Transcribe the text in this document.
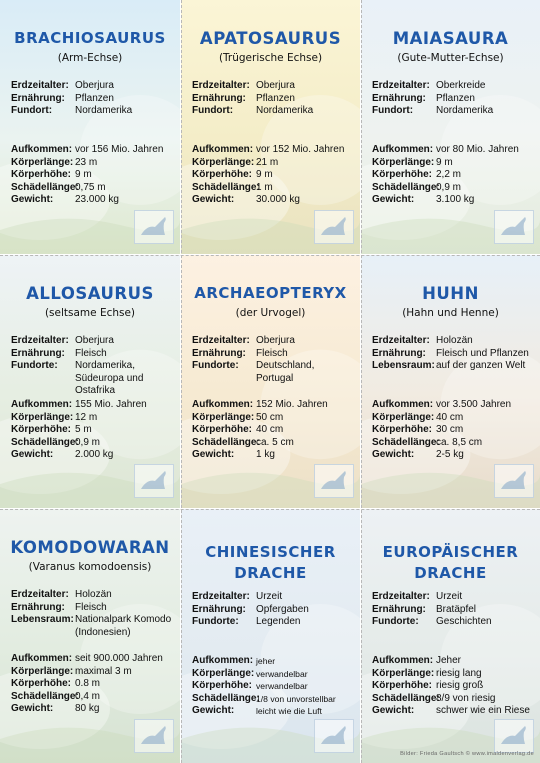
BRACHIOSAURUS
(Arm-Echse)
Erdzeitalter: Oberjura
Ernährung:	Pflanzen
Fundort:	Nordamerika
Aufkommen: vor 156 Mio. Jahren
Körperlänge: 23 m
Körperhöhe: 9 m
Schädellänge:
0,75 m
Gewicht:	23.000 kg
APATOSAURUS
(Trügerische Echse)
Erdzeitalter: Oberjura
Ernährung:	Pflanzen
Fundort:	Nordamerika
Aufkommen: vor 152 Mio. Jahren
Körperlänge: 21 m
Körperhöhe: 9 m
Schädellänge:
1 m
Gewicht:	30.000 kg
MAIASAURA
(Gute-Mutter-Echse)
Erdzeitalter: Oberkreide
Ernährung:	Pflanzen
Fundort:	Nordamerika
Aufkommen: vor 80 Mio. Jahren
Körperlänge: 9 m
Körperhöhe: 2,2 m
Schädellänge:
0,9 m
Gewicht:	3.100 kg
ALLOSAURUS
(seltsame Echse)
Erdzeitalter: Oberjura
Ernährung:	Fleisch
Fundorte:	Nordamerika, Südeuropa und Ostafrika
Aufkommen: 155 Mio. Jahren
Körperlänge: 12 m
Körperhöhe: 5 m
Schädellänge:
0,9 m
Gewicht:	2.000 kg
ARCHAEOPTERYX
(der Urvogel)
Erdzeitalter: Oberjura
Ernährung:	Fleisch
Fundorte:	Deutschland, Portugal
Aufkommen: 152 Mio. Jahren
Körperlänge: 50 cm
Körperhöhe: 40 cm
Schädellänge:
ca. 5 cm
Gewicht:	1 kg
HUHN
(Hahn und Henne)
Erdzeitalter: Holozän
Ernährung:	Fleisch und Pflanzen
Lebensraum: auf der ganzen Welt
Aufkommen: vor 3.500 Jahren
Körperlänge: 40 cm
Körperhöhe: 30 cm
Schädellänge:
ca. 8,5 cm
Gewicht:	2-5 kg
KOMODOWARAN
(Varanus komodoensis)
Erdzeitalter: Holozän
Ernährung:	Fleisch
Lebensraum: Nationalpark Komodo (Indonesien)
Aufkommen: seit 900.000 Jahren
Körperlänge: maximal 3 m
Körperhöhe: 0.8 m
Schädellänge:
0,4 m
Gewicht:	80 kg
CHINESISCHER
DRACHE
Erdzeitalter: Urzeit
Ernährung:	Opfergaben
Fundorte:	Legenden
Aufkommen: jeher
Körperlänge: verwandelbar
Körperhöhe: verwandelbar
Schädellänge:
1/8 von unvorstellbar
Gewicht:	leicht wie die Luft
EUROPÄISCHER
DRACHE
Erdzeitalter: Urzeit
Ernährung:	Bratäpfel
Fundorte:	Geschichten
Aufkommen: Jeher
Körperlänge: riesig lang
Körperhöhe: riesig groß
Schädellänge:
8/9 von riesig
Gewicht:	schwer wie ein Riese
Bilder: Frieda Gaultsch © www.imaldenverlag.de
